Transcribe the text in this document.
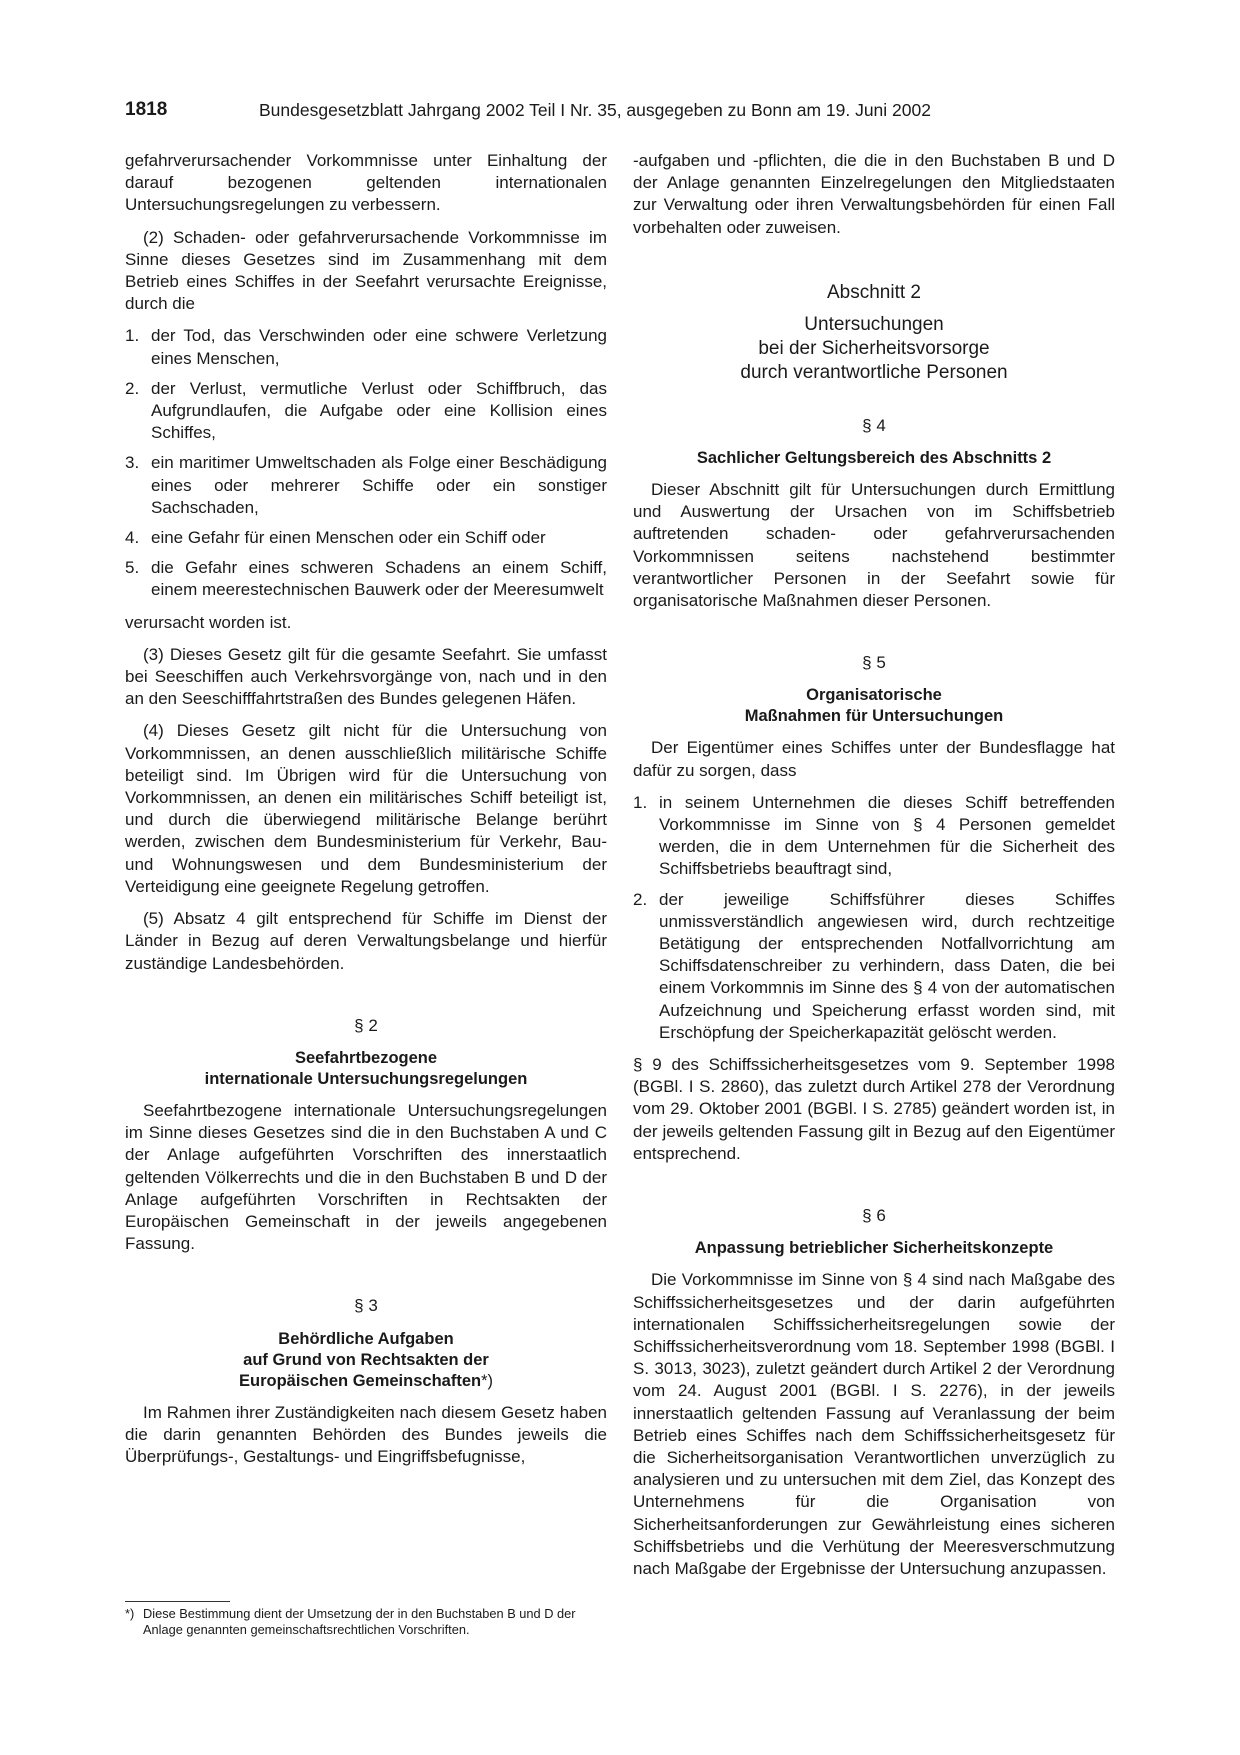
1818	Bundesgesetzblatt Jahrgang 2002 Teil I Nr. 35, ausgegeben zu Bonn am 19. Juni 2002

gefahrverursachender Vorkommnisse unter Einhaltung der darauf bezogenen geltenden internationalen Untersuchungsregelungen zu verbessern.

(2) Schaden- oder gefahrverursachende Vorkommnisse im Sinne dieses Gesetzes sind im Zusammenhang mit dem Betrieb eines Schiffes in der Seefahrt verursachte Ereignisse, durch die

1. der Tod, das Verschwinden oder eine schwere Verletzung eines Menschen,
2. der Verlust, vermutliche Verlust oder Schiffbruch, das Aufgrundlaufen, die Aufgabe oder eine Kollision eines Schiffes,
3. ein maritimer Umweltschaden als Folge einer Beschädigung eines oder mehrerer Schiffe oder ein sonstiger Sachschaden,
4. eine Gefahr für einen Menschen oder ein Schiff oder
5. die Gefahr eines schweren Schadens an einem Schiff, einem meerestechnischen Bauwerk oder der Meeresumwelt

verursacht worden ist.

(3) Dieses Gesetz gilt für die gesamte Seefahrt. Sie umfasst bei Seeschiffen auch Verkehrsvorgänge von, nach und in den an den Seeschifffahrtstraßen des Bundes gelegenen Häfen.

(4) Dieses Gesetz gilt nicht für die Untersuchung von Vorkommnissen, an denen ausschließlich militärische Schiffe beteiligt sind. Im Übrigen wird für die Untersuchung von Vorkommnissen, an denen ein militärisches Schiff beteiligt ist, und durch die überwiegend militärische Belange berührt werden, zwischen dem Bundesministerium für Verkehr, Bau- und Wohnungswesen und dem Bundesministerium der Verteidigung eine geeignete Regelung getroffen.

(5) Absatz 4 gilt entsprechend für Schiffe im Dienst der Länder in Bezug auf deren Verwaltungsbelange und hierfür zuständige Landesbehörden.

§ 2
Seefahrtbezogene
internationale Untersuchungsregelungen

Seefahrtbezogene internationale Untersuchungsregelungen im Sinne dieses Gesetzes sind die in den Buchstaben A und C der Anlage aufgeführten Vorschriften des innerstaatlich geltenden Völkerrechts und die in den Buchstaben B und D der Anlage aufgeführten Vorschriften in Rechtsakten der Europäischen Gemeinschaft in der jeweils angegebenen Fassung.

§ 3
Behördliche Aufgaben
auf Grund von Rechtsakten der
Europäischen Gemeinschaften*)

Im Rahmen ihrer Zuständigkeiten nach diesem Gesetz haben die darin genannten Behörden des Bundes jeweils die Überprüfungs-, Gestaltungs- und Eingriffsbefugnisse,

*) Diese Bestimmung dient der Umsetzung der in den Buchstaben B und D der Anlage genannten gemeinschaftsrechtlichen Vorschriften.

-aufgaben und -pflichten, die die in den Buchstaben B und D der Anlage genannten Einzelregelungen den Mitgliedstaaten zur Verwaltung oder ihren Verwaltungsbehörden für einen Fall vorbehalten oder zuweisen.

Abschnitt 2
Untersuchungen
bei der Sicherheitsvorsorge
durch verantwortliche Personen
§ 4
Sachlicher Geltungsbereich des Abschnitts 2

Dieser Abschnitt gilt für Untersuchungen durch Ermittlung und Auswertung der Ursachen von im Schiffsbetrieb auftretenden schaden- oder gefahrverursachenden Vorkommnissen seitens nachstehend bestimmter verantwortlicher Personen in der Seefahrt sowie für organisatorische Maßnahmen dieser Personen.

§ 5
Organisatorische
Maßnahmen für Untersuchungen

Der Eigentümer eines Schiffes unter der Bundesflagge hat dafür zu sorgen, dass

1. in seinem Unternehmen die dieses Schiff betreffenden Vorkommnisse im Sinne von § 4 Personen gemeldet werden, die in dem Unternehmen für die Sicherheit des Schiffsbetriebs beauftragt sind,
2. der jeweilige Schiffsführer dieses Schiffes unmissverständlich angewiesen wird, durch rechtzeitige Betätigung der entsprechenden Notfallvorrichtung am Schiffsdatenschreiber zu verhindern, dass Daten, die bei einem Vorkommnis im Sinne des § 4 von der automatischen Aufzeichnung und Speicherung erfasst worden sind, mit Erschöpfung der Speicherkapazität gelöscht werden.

§ 9 des Schiffssicherheitsgesetzes vom 9. September 1998 (BGBl. I S. 2860), das zuletzt durch Artikel 278 der Verordnung vom 29. Oktober 2001 (BGBl. I S. 2785) geändert worden ist, in der jeweils geltenden Fassung gilt in Bezug auf den Eigentümer entsprechend.

§ 6
Anpassung betrieblicher Sicherheitskonzepte

Die Vorkommnisse im Sinne von § 4 sind nach Maßgabe des Schiffssicherheitsgesetzes und der darin aufgeführten internationalen Schiffssicherheitsregelungen sowie der Schiffssicherheitsverordnung vom 18. September 1998 (BGBl. I S. 3013, 3023), zuletzt geändert durch Artikel 2 der Verordnung vom 24. August 2001 (BGBl. I S. 2276), in der jeweils innerstaatlich geltenden Fassung auf Veranlassung der beim Betrieb eines Schiffes nach dem Schiffssicherheitsgesetz für die Sicherheitsorganisation Verantwortlichen unverzüglich zu analysieren und zu untersuchen mit dem Ziel, das Konzept des Unternehmens für die Organisation von Sicherheitsanforderungen zur Gewährleistung eines sicheren Schiffsbetriebs und die Verhütung der Meeresverschmutzung nach Maßgabe der Ergebnisse der Untersuchung anzupassen.
